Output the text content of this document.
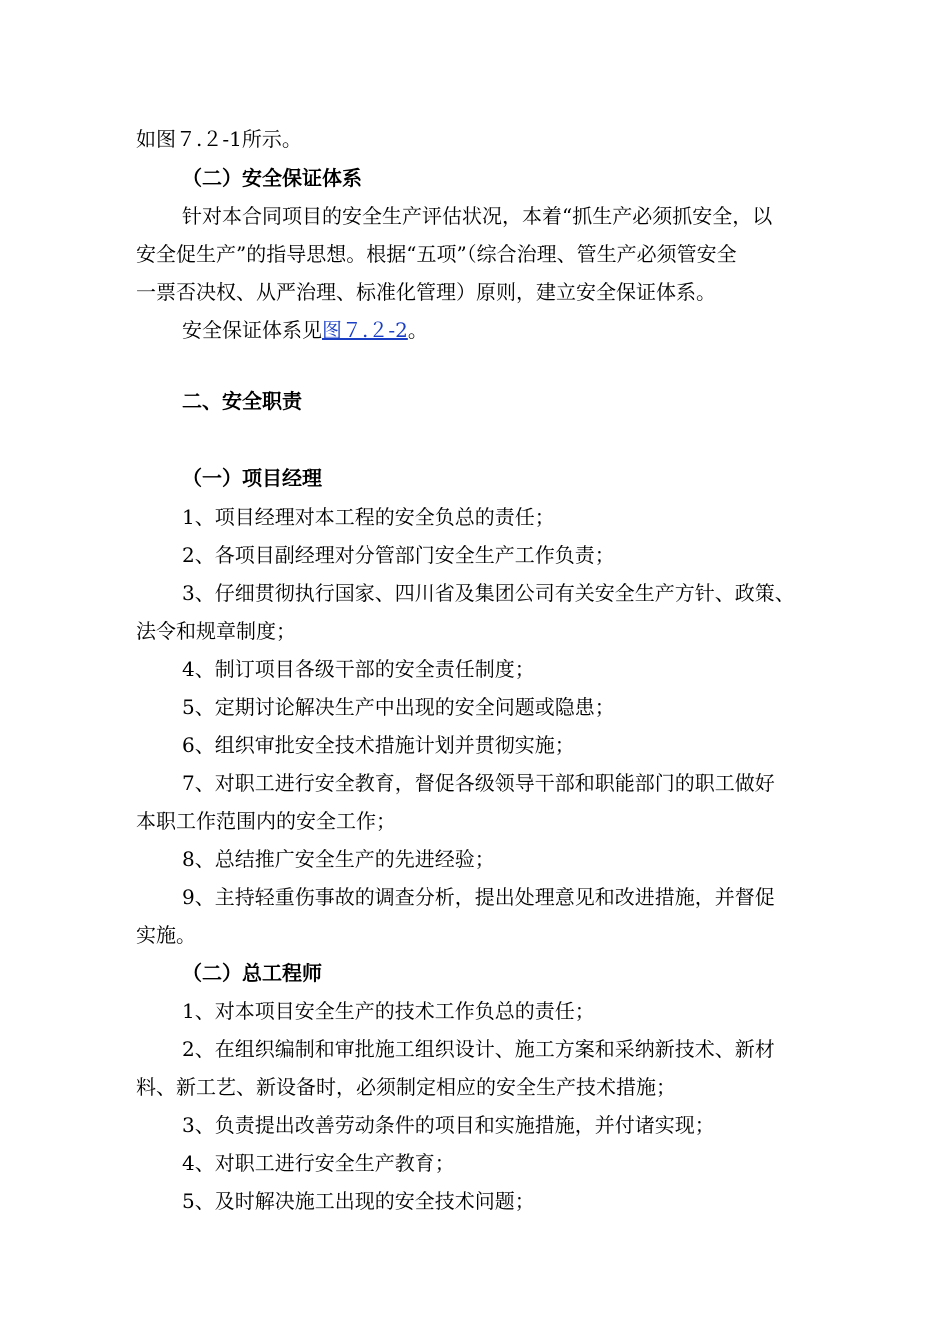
如图７.２-1所示。
（二）安全保证体系
针对本合同项目的安全生产评估状况，本着“抓生产必须抓安全，以
安全促生产”的指导思想。根据“五项”（综合治理、管生产必须管安全
一票否决权、从严治理、标准化管理）原则，建立安全保证体系。
安全保证体系见图７.２-2。
二、安全职责
（一）项目经理
1、项目经理对本工程的安全负总的责任；
2、各项目副经理对分管部门安全生产工作负责；
3、仔细贯彻执行国家、四川省及集团公司有关安全生产方针、政策、
法令和规章制度；
4、制订项目各级干部的安全责任制度；
5、定期讨论解决生产中出现的安全问题或隐患；
6、组织审批安全技术措施计划并贯彻实施；
7、对职工进行安全教育，督促各级领导干部和职能部门的职工做好
本职工作范围内的安全工作；
8、总结推广安全生产的先进经验；
9、主持轻重伤事故的调查分析，提出处理意见和改进措施，并督促
实施。
（二）总工程师
1、对本项目安全生产的技术工作负总的责任；
2、在组织编制和审批施工组织设计、施工方案和采纳新技术、新材
料、新工艺、新设备时，必须制定相应的安全生产技术措施；
3、负责提出改善劳动条件的项目和实施措施，并付诸实现；
4、对职工进行安全生产教育；
5、及时解决施工出现的安全技术问题；
